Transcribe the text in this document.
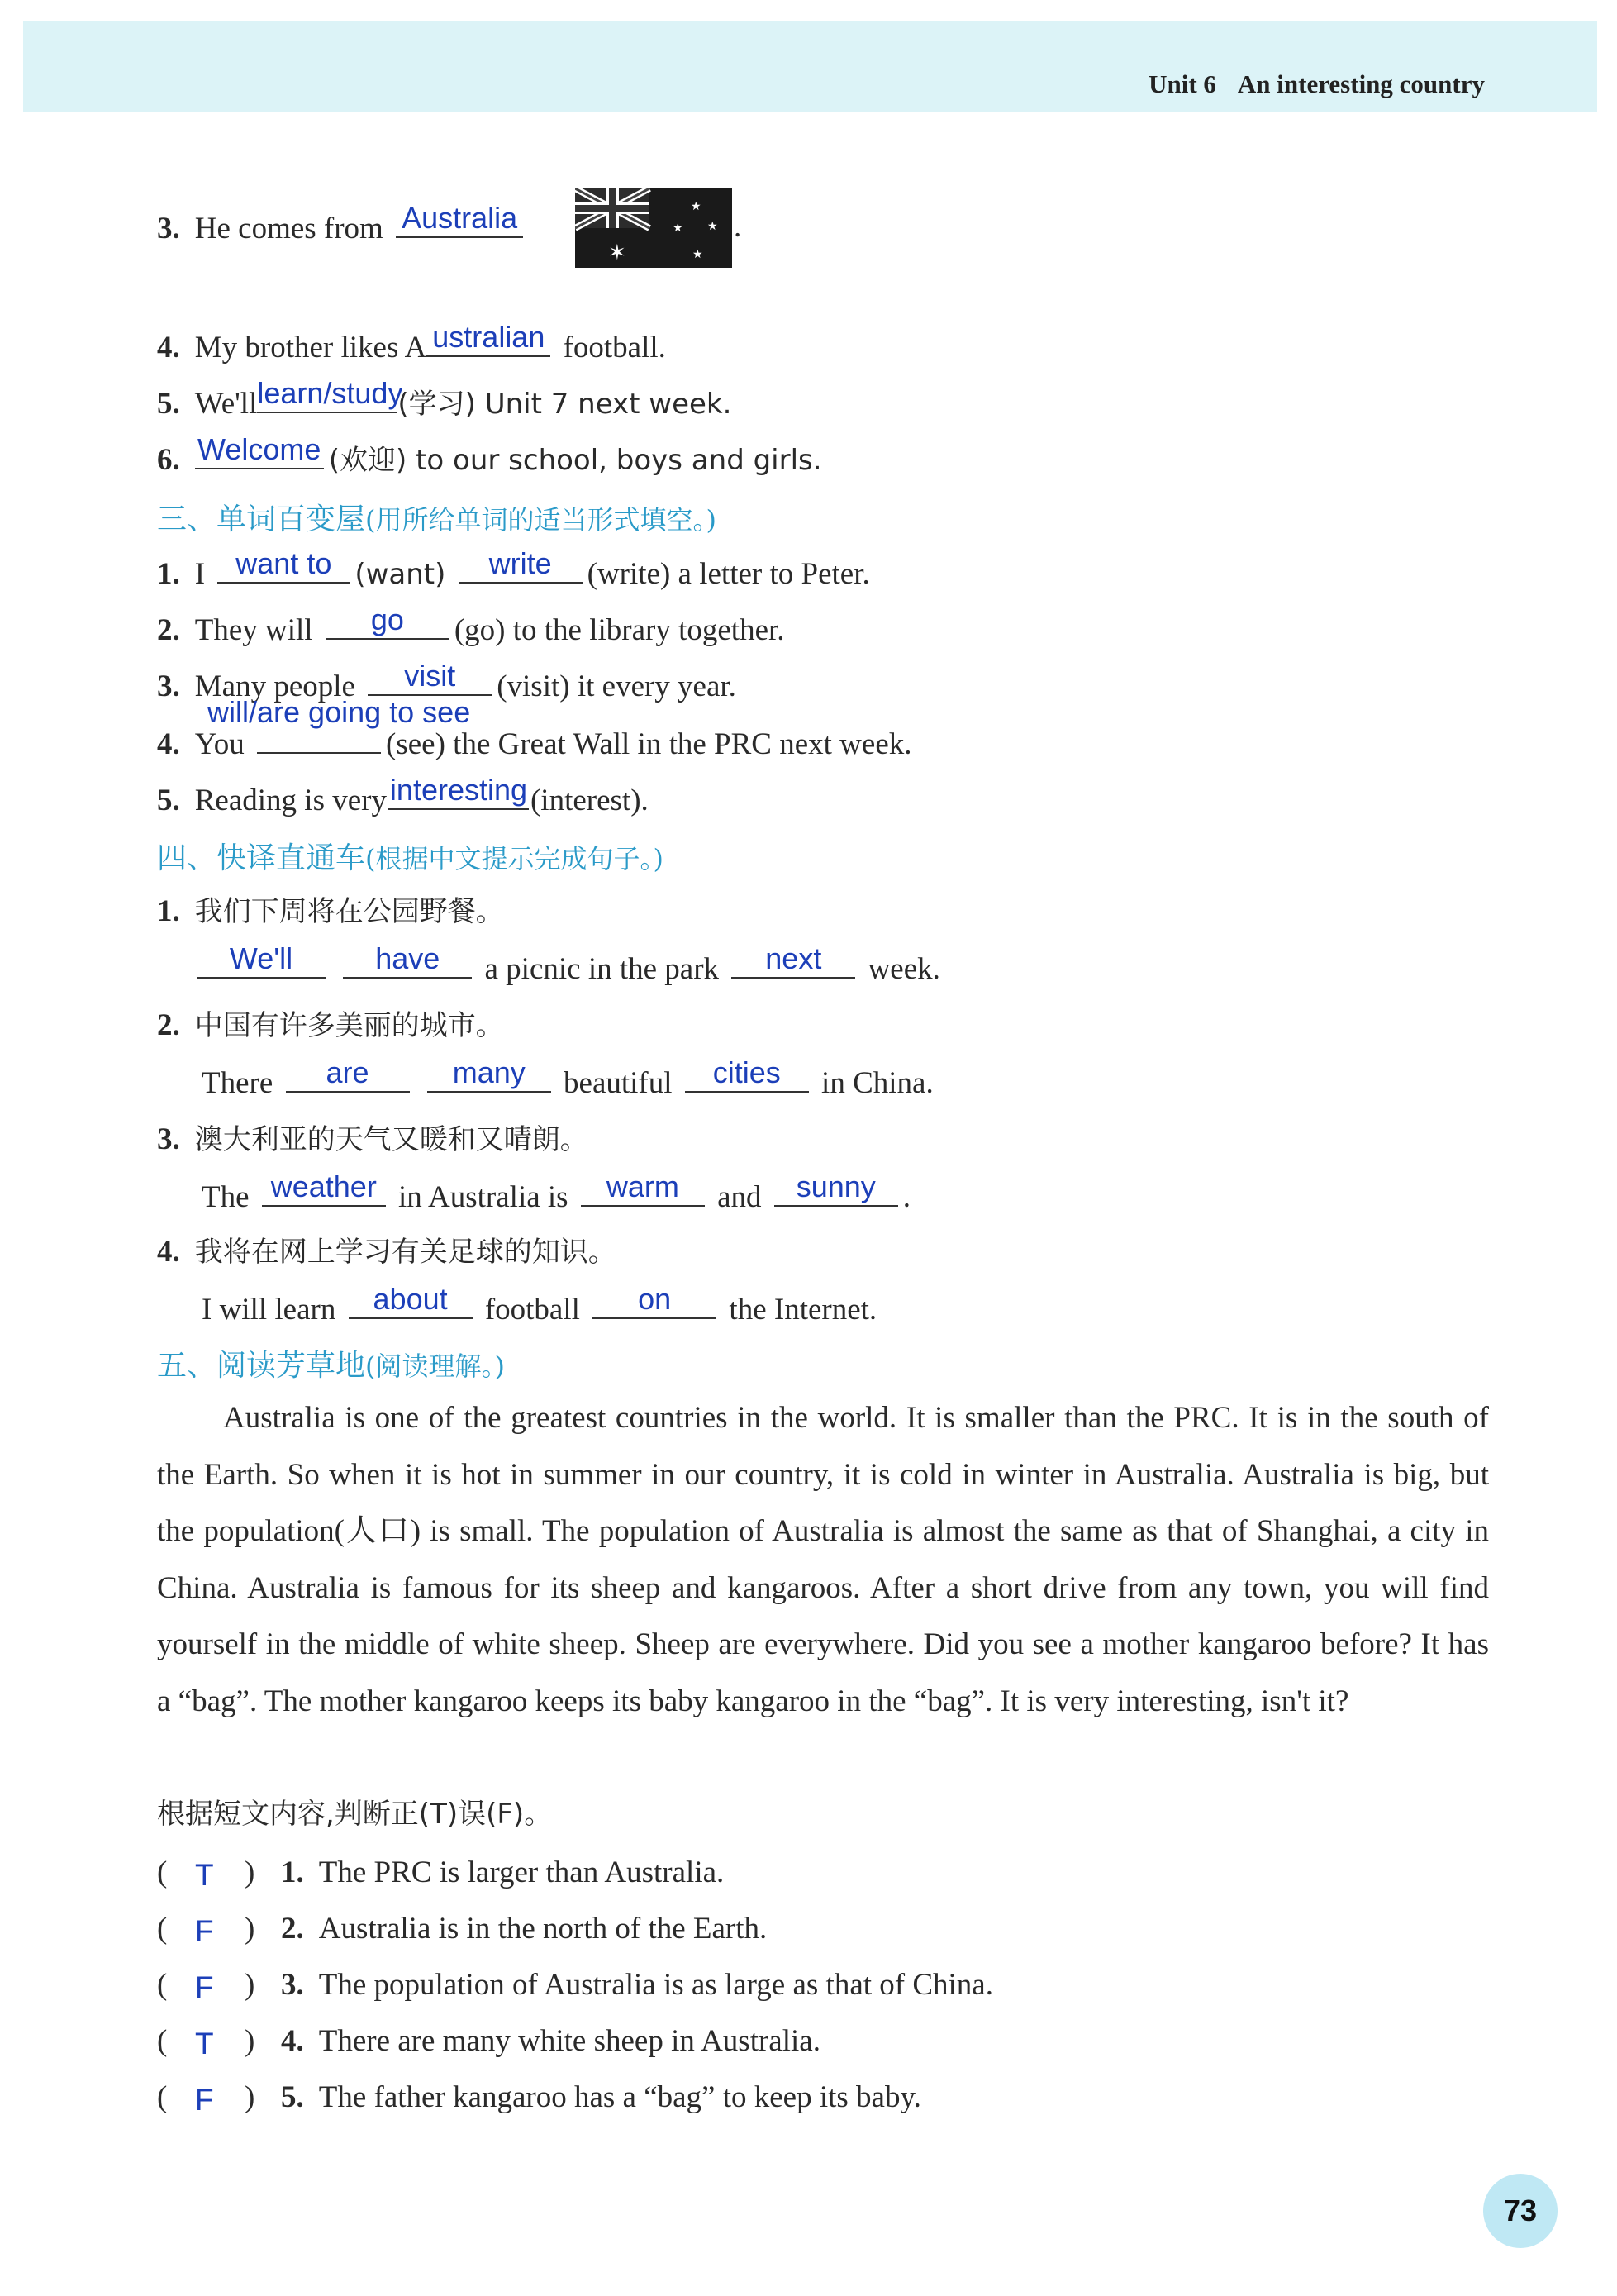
Unit 6 An interesting country
3. He comes from Australia
✶
★
★ ★
★
.
4. My brother likes A ustralian football.
5. We'll learn/study
(学习) Unit 7 next week.
6. Welcome (欢迎) to our school, boys and girls.
三、单词百变屋(用所给单词的适当形式填空。)
1. I	want to (want)	write	(write) a letter to Peter.
2. They will	go	(go) to the library together.
3. Many people	visit	(visit) it every year.
4. You
will/are going to see
(see) the Great Wall in the PRC next week.
5. Reading is very interesting (interest).
四、快译直通车(根据中文提示完成句子。)
1. 我们下周将在公园野餐。
We'll
	have	a picnic in the park	next	week.
2. 中国有许多美丽的城市。
There	are
	many	beautiful	cities	in China.
3. 澳大利亚的天气又暖和又晴朗。
The weather in Australia is	warm	and	sunny .
4. 我将在网上学习有关足球的知识。
I will learn	about	football	on	the Internet.
五、阅读芳草地(阅读理解。)
Australia is one of the greatest countries in the world. It is smaller than the PRC. It is in the south of the Earth. So when it is hot in summer in our country, it is cold in winter in Australia. Australia is big, but the population(人口) is small. The population of Australia is almost the same as that of Shanghai, a city in China. Australia is famous for its sheep and kangaroos. After a short drive from any town, you will find yourself in the middle of white sheep. Sheep are everywhere. Did you see a mother kangaroo before? It has a “bag”. The mother kangaroo keeps its baby kangaroo in the “bag”. It is very interesting, isn't it?
根据短文内容,判断正(T)误(F)。
( T ) 1. The PRC is larger than Australia.
( F ) 2. Australia is in the north of the Earth.
( F ) 3. The population of Australia is as large as that of China.
( T ) 4. There are many white sheep in Australia.
( F ) 5. The father kangaroo has a “bag” to keep its baby.
73
